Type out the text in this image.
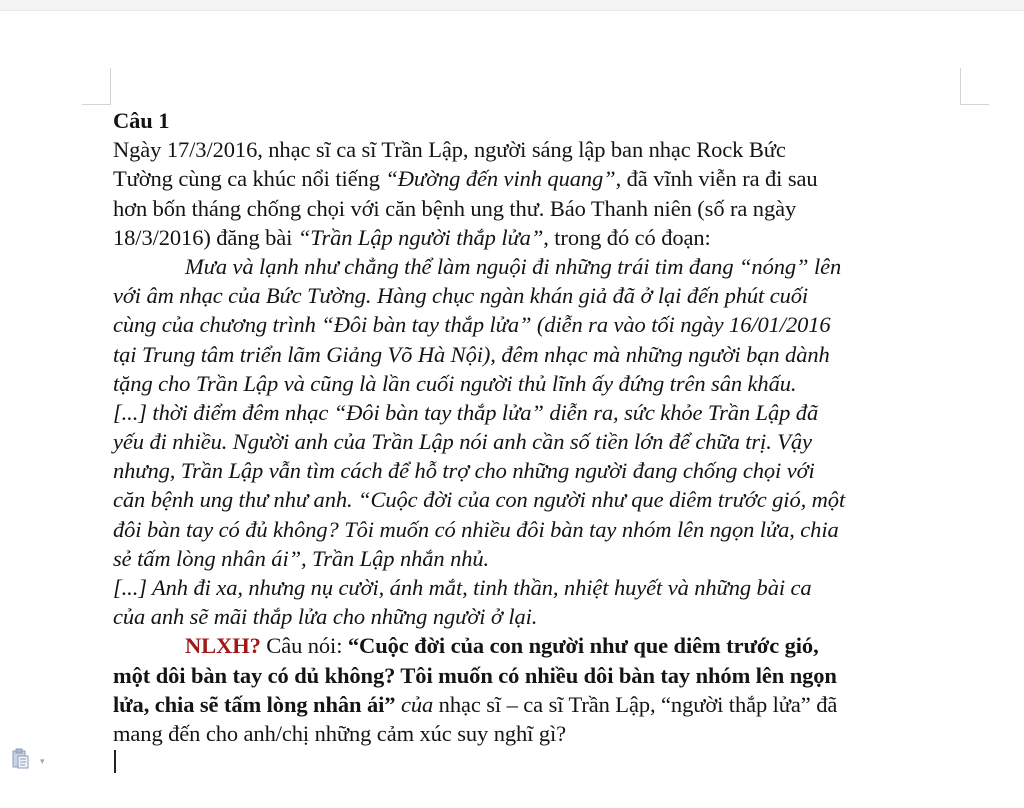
Câu 1
Ngày 17/3/2016, nhạc sĩ ca sĩ Trần Lập, người sáng lập ban nhạc Rock Bức
Tường cùng ca khúc nổi tiếng “Đường đến vinh quang”, đã vĩnh viễn ra đi sau
hơn bốn tháng chống chọi với căn bệnh ung thư. Báo Thanh niên (số ra ngày
18/3/2016) đăng bài “Trần Lập người thắp lửa”, trong đó có đoạn:
Mưa và lạnh như chẳng thể làm nguội đi những trái tim đang “nóng” lên
với âm nhạc của Bức Tường. Hàng chục ngàn khán giả đã ở lại đến phút cuối
cùng của chương trình “Đôi bàn tay thắp lửa” (diễn ra vào tối ngày 16/01/2016
tại Trung tâm triển lãm Giảng Võ Hà Nội), đêm nhạc mà những người bạn dành
tặng cho Trần Lập và cũng là lần cuối người thủ lĩnh ấy đứng trên sân khấu.
[...] thời điểm đêm nhạc “Đôi bàn tay thắp lửa” diễn ra, sức khỏe Trần Lập đã
yếu đi nhiều. Người anh của Trần Lập nói anh cần số tiền lớn để chữa trị. Vậy
nhưng, Trần Lập vẫn tìm cách để hỗ trợ cho những người đang chống chọi với
căn bệnh ung thư như anh. “Cuộc đời của con người như que diêm trước gió, một
đôi bàn tay có đủ không? Tôi muốn có nhiều đôi bàn tay nhóm lên ngọn lửa, chia
sẻ tấm lòng nhân ái”, Trần Lập nhắn nhủ.
[...] Anh đi xa, nhưng nụ cười, ánh mắt, tinh thần, nhiệt huyết và những bài ca
của anh sẽ mãi thắp lửa cho những người ở lại.
NLXH? Câu nói: “Cuộc đời của con người như que diêm trước gió,
một dôi bàn tay có dủ không? Tôi muốn có nhiều dôi bàn tay nhóm lên ngọn
lửa, chia sẽ tấm lòng nhân ái” của nhạc sĩ – ca sĩ Trần Lập, “người thắp lửa” đã
mang đến cho anh/chị những cảm xúc suy nghĩ gì?
▾
